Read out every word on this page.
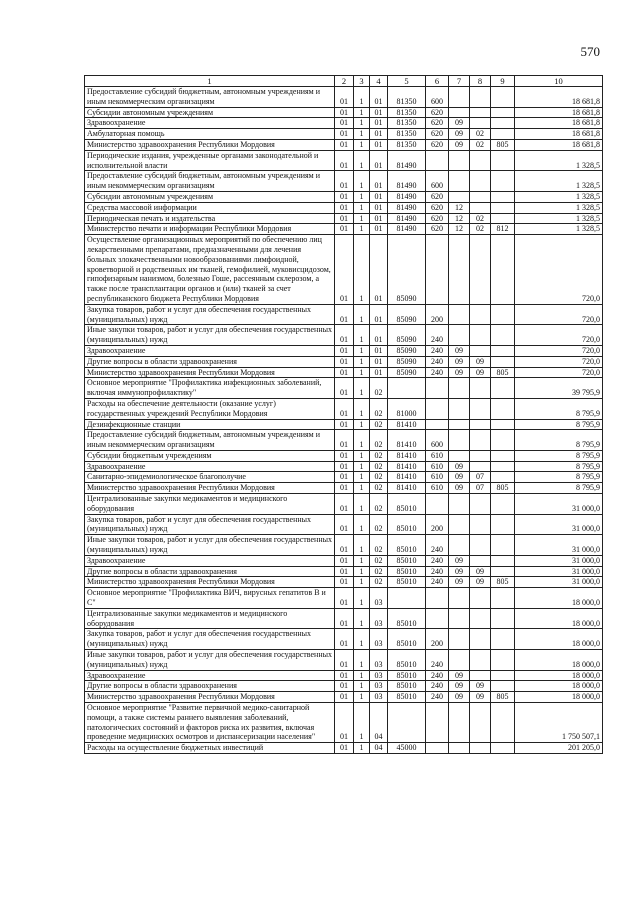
570
1	2	3	4	5	6	7	8	9	10
Предоставление субсидий бюджетным, автономным учреждениям и иным некоммерческим организациям	01	1	01	81350	600				18 681,8
Субсидии автономным учреждениям	01	1	01	81350	620				18 681,8
Здравоохранение	01	1	01	81350	620	09			18 681,8
Амбулаторная помощь	01	1	01	81350	620	09	02		18 681,8
Министерство здравоохранения Республики Мордовия	01	1	01	81350	620	09	02	805	18 681,8
Периодические издания, учрежденные органами законодательной и исполнительной власти	01	1	01	81490					1 328,5
Предоставление субсидий бюджетным, автономным учреждениям и иным некоммерческим организациям	01	1	01	81490	600				1 328,5
Субсидии автономным учреждениям	01	1	01	81490	620				1 328,5
Средства массовой информации	01	1	01	81490	620	12			1 328,5
Периодическая печать и издательства	01	1	01	81490	620	12	02		1 328,5
Министерство печати и информации Республики Мордовия	01	1	01	81490	620	12	02	812	1 328,5
Осуществление организационных мероприятий по обеспечению лиц лекарственными препаратами, предназначенными для лечения больных злокачественными новообразованиями лимфоидной, кроветворной и родственных им тканей, гемофилией, муковисцидозом, гипофизарным нанизмом, болезнью Гоше, рассеянным склерозом, а также после трансплантации органов и (или) тканей за счет республиканского бюджета Республики Мордовия	01	1	01	85090					720,0
Закупка товаров, работ и услуг для обеспечения государственных (муниципальных) нужд	01	1	01	85090	200				720,0
Иные закупки товаров, работ и услуг для обеспечения государственных (муниципальных) нужд	01	1	01	85090	240				720,0
Здравоохранение	01	1	01	85090	240	09			720,0
Другие вопросы в области здравоохранения	01	1	01	85090	240	09	09		720,0
Министерство здравоохранения Республики Мордовия	01	1	01	85090	240	09	09	805	720,0
Основное мероприятие "Профилактика инфекционных заболеваний, включая иммунопрофилактику"	01	1	02						39 795,9
Расходы на обеспечение деятельности (оказание услуг) государственных учреждений Республики Мордовия	01	1	02	81000					8 795,9
Дезинфекционные станции	01	1	02	81410					8 795,9
Предоставление субсидий бюджетным, автономным учреждениям и иным некоммерческим организациям	01	1	02	81410	600				8 795,9
Субсидии бюджетным учреждениям	01	1	02	81410	610				8 795,9
Здравоохранение	01	1	02	81410	610	09			8 795,9
Санитарно-эпидемиологическое благополучие	01	1	02	81410	610	09	07		8 795,9
Министерство здравоохранения Республики Мордовия	01	1	02	81410	610	09	07	805	8 795,9
Централизованные закупки медикаментов и медицинского оборудования	01	1	02	85010					31 000,0
Закупка товаров, работ и услуг для обеспечения государственных (муниципальных) нужд	01	1	02	85010	200				31 000,0
Иные закупки товаров, работ и услуг для обеспечения государственных (муниципальных) нужд	01	1	02	85010	240				31 000,0
Здравоохранение	01	1	02	85010	240	09			31 000,0
Другие вопросы в области здравоохранения	01	1	02	85010	240	09	09		31 000,0
Министерство здравоохранения Республики Мордовия	01	1	02	85010	240	09	09	805	31 000,0
Основное мероприятие "Профилактика ВИЧ, вирусных гепатитов В и С"	01	1	03						18 000,0
Централизованные закупки медикаментов и медицинского оборудования	01	1	03	85010					18 000,0
Закупка товаров, работ и услуг для обеспечения государственных (муниципальных) нужд	01	1	03	85010	200				18 000,0
Иные закупки товаров, работ и услуг для обеспечения государственных (муниципальных) нужд	01	1	03	85010	240				18 000,0
Здравоохранение	01	1	03	85010	240	09			18 000,0
Другие вопросы в области здравоохранения	01	1	03	85010	240	09	09		18 000,0
Министерство здравоохранения Республики Мордовия	01	1	03	85010	240	09	09	805	18 000,0
Основное мероприятие "Развитие первичной медико-санитарной помощи, а также системы раннего выявления заболеваний, патологических состояний и факторов риска их развития, включая проведение медицинских осмотров и диспансеризации населения"	01	1	04						1 750 507,1
Расходы на осуществление бюджетных инвестиций	01	1	04	45000					201 205,0
